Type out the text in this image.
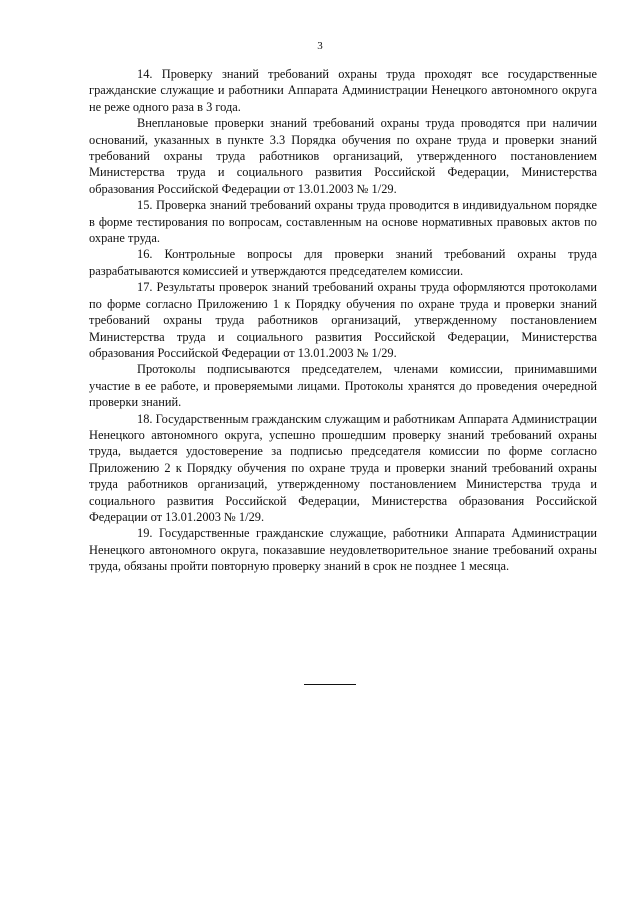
3

14. Проверку знаний требований охраны труда проходят все государственные гражданские служащие и работники Аппарата Администрации Ненецкого автономного округа не реже одного раза в 3 года.

Внеплановые проверки знаний требований охраны труда проводятся при наличии оснований, указанных в пункте 3.3 Порядка обучения по охране труда и проверки знаний требований охраны труда работников организаций, утвержденного постановлением Министерства труда и социального развития Российской Федерации, Министерства образования Российской Федерации от 13.01.2003 № 1/29.

15. Проверка знаний требований охраны труда проводится в индивидуальном порядке в форме тестирования по вопросам, составленным на основе нормативных правовых актов по охране труда.

16. Контрольные вопросы для проверки знаний требований охраны труда разрабатываются комиссией и утверждаются председателем комиссии.

17. Результаты проверок знаний требований охраны труда оформляются протоколами по форме согласно Приложению 1 к Порядку обучения по охране труда и проверки знаний требований охраны труда работников организаций, утвержденному постановлением Министерства труда и социального развития Российской Федерации, Министерства образования Российской Федерации от 13.01.2003 № 1/29.

Протоколы подписываются председателем, членами комиссии, принимавшими участие в ее работе, и проверяемыми лицами. Протоколы хранятся до проведения очередной проверки знаний.

18. Государственным гражданским служащим и работникам Аппарата Администрации Ненецкого автономного округа, успешно прошедшим проверку знаний требований охраны труда, выдается удостоверение за подписью председателя комиссии по форме согласно Приложению 2 к Порядку обучения по охране труда и проверки знаний требований охраны труда работников организаций, утвержденному постановлением Министерства труда и социального развития Российской Федерации, Министерства образования Российской Федерации от 13.01.2003 № 1/29.

19. Государственные гражданские служащие, работники Аппарата Администрации Ненецкого автономного округа, показавшие неудовлетворительное знание требований охраны труда, обязаны пройти повторную проверку знаний в срок не позднее 1 месяца.
